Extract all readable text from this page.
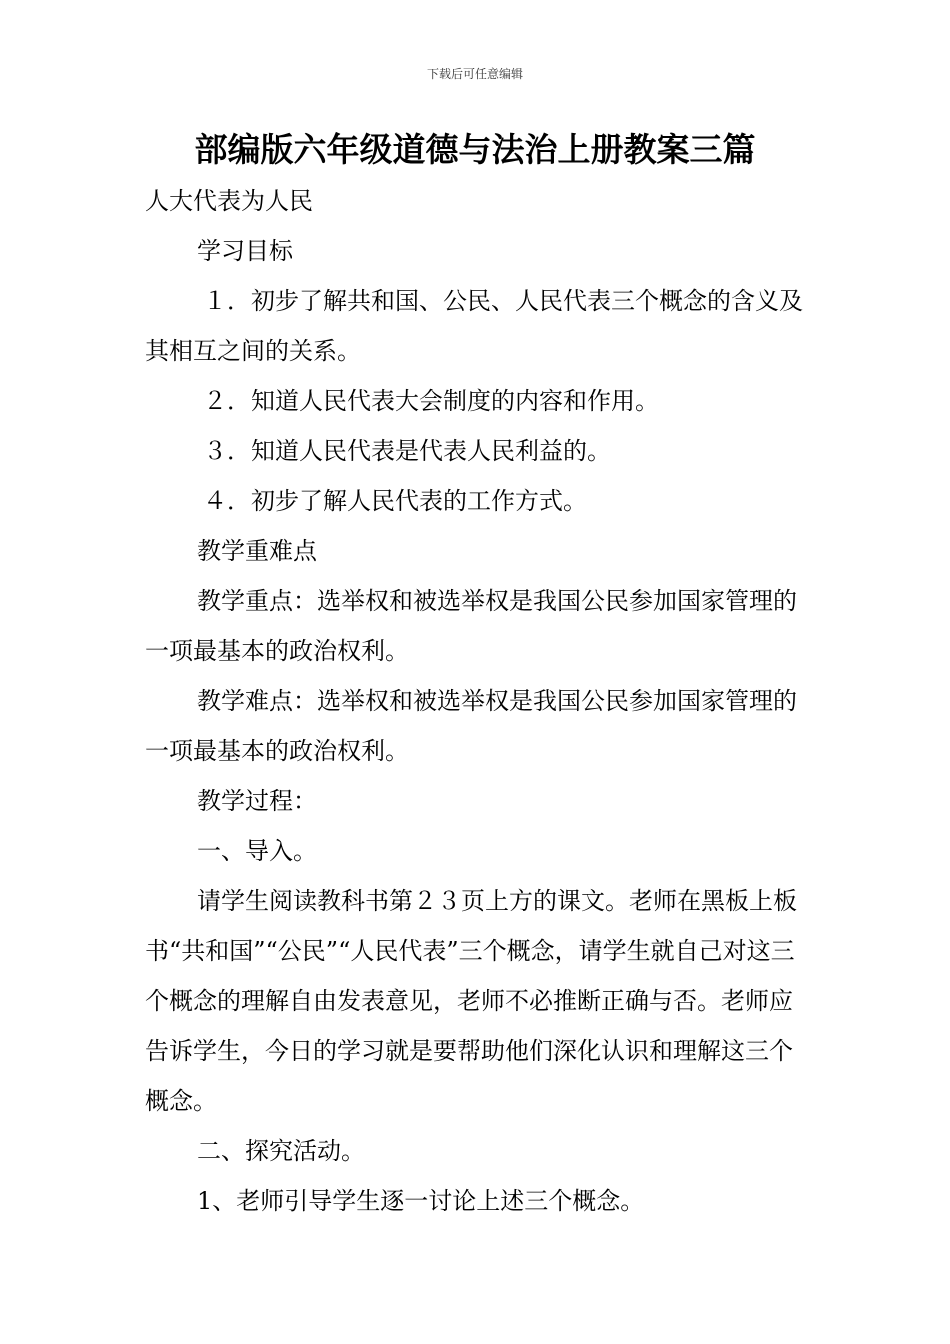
下载后可任意编辑
部编版六年级道德与法治上册教案三篇

人大代表为人民

学习目标

１．初步了解共和国、公民、人民代表三个概念的含义及其相互之间的关系。

２．知道人民代表大会制度的内容和作用。

３．知道人民代表是代表人民利益的。

４．初步了解人民代表的工作方式。

教学重难点

教学重点：选举权和被选举权是我国公民参加国家管理的一项最基本的政治权利。

教学难点：选举权和被选举权是我国公民参加国家管理的一项最基本的政治权利。

教学过程：

一、导入。

请学生阅读教科书第２３页上方的课文。老师在黑板上板书“共和国”“公民”“人民代表”三个概念，请学生就自己对这三个概念的理解自由发表意见，老师不必推断正确与否。老师应告诉学生，今日的学习就是要帮助他们深化认识和理解这三个概念。

二、探究活动。

1、老师引导学生逐一讨论上述三个概念。
